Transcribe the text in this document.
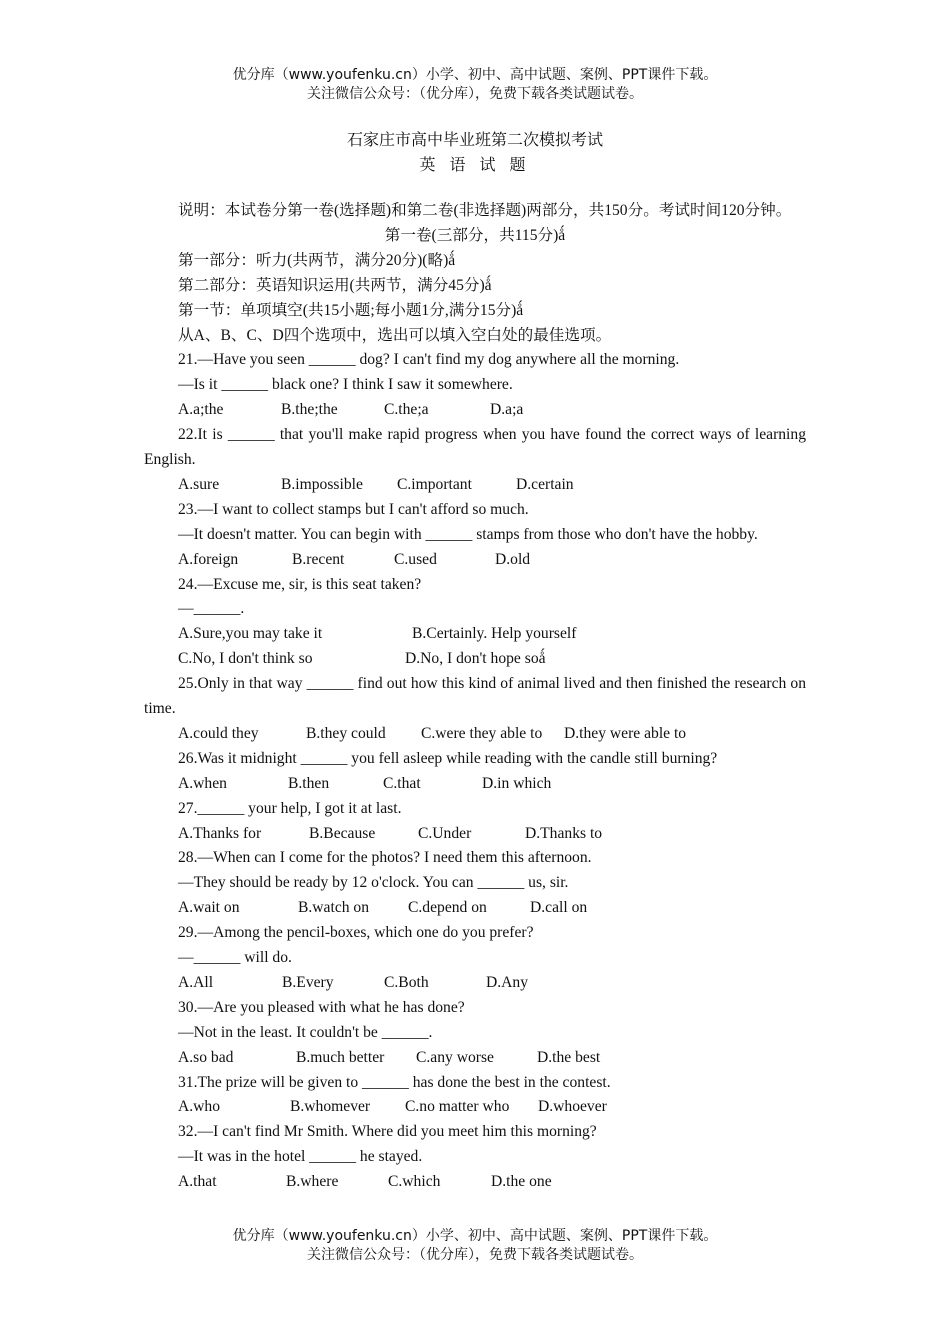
优分库（www.youfenku.cn）小学、初中、高中试题、案例、PPT课件下载。
关注微信公众号：（优分库），免费下载各类试题试卷。
石家庄市高中毕业班第二次模拟考试
英 语 试 题
说明：本试卷分第一卷(选择题)和第二卷(非选择题)两部分，共150分。考试时间120分钟。
第一卷(三部分，共115分)ǻ
第一部分：听力(共两节，满分20分)(略)ǻ
第二部分：英语知识运用(共两节，满分45分)ǻ
第一节：单项填空(共15小题;每小题1分,满分15分)ǻ
从A、B、C、D四个选项中，选出可以填入空白处的最佳选项。
21.—Have you seen ______ dog? I can't find my dog anywhere all the morning.
—Is it ______ black one? I think I saw it somewhere.
A.a;the	B.the;the	C.the;a	D.a;a
22.It is ______ that you'll make rapid progress when you have found the correct ways of learning English.
A.sure	B.impossible C.important	D.certain
23.—I want to collect stamps but I can't afford so much.
—It doesn't matter. You can begin with ______ stamps from those who don't have the hobby.
A.foreign	B.recent	C.used	D.old
24.—Excuse me, sir, is this seat taken?
—______.
A.Sure,you may take it	B.Certainly. Help yourself
C.No, I don't think so	D.No, I don't hope soǻ
25.Only in that way ______ find out how this kind of animal lived and then finished the research on time.
A.could they	B.they could C.were they able to D.they were able to
26.Was it midnight ______ you fell asleep while reading with the candle still burning?
A.when	B.then	C.that	D.in which
27.______ your help, I got it at last.
A.Thanks for	B.Because	C.Under	D.Thanks to
28.—When can I come for the photos? I need them this afternoon.
—They should be ready by 12 o'clock. You can ______ us, sir.
A.wait on	B.watch on C.depend on	D.call on
29.—Among the pencil-boxes, which one do you prefer?
—______ will do.
A.All	B.Every	C.Both	D.Any
30.—Are you pleased with what he has done?
—Not in the least. It couldn't be ______.
A.so bad	B.much better C.any worse	D.the best
31.The prize will be given to ______ has done the best in the contest.
A.who	B.whomever C.no matter who D.whoever
32.—I can't find Mr Smith. Where did you meet him this morning?
—It was in the hotel ______ he stayed.
A.that	B.where	C.which	D.the one
优分库（www.youfenku.cn）小学、初中、高中试题、案例、PPT课件下载。
关注微信公众号：（优分库），免费下载各类试题试卷。
